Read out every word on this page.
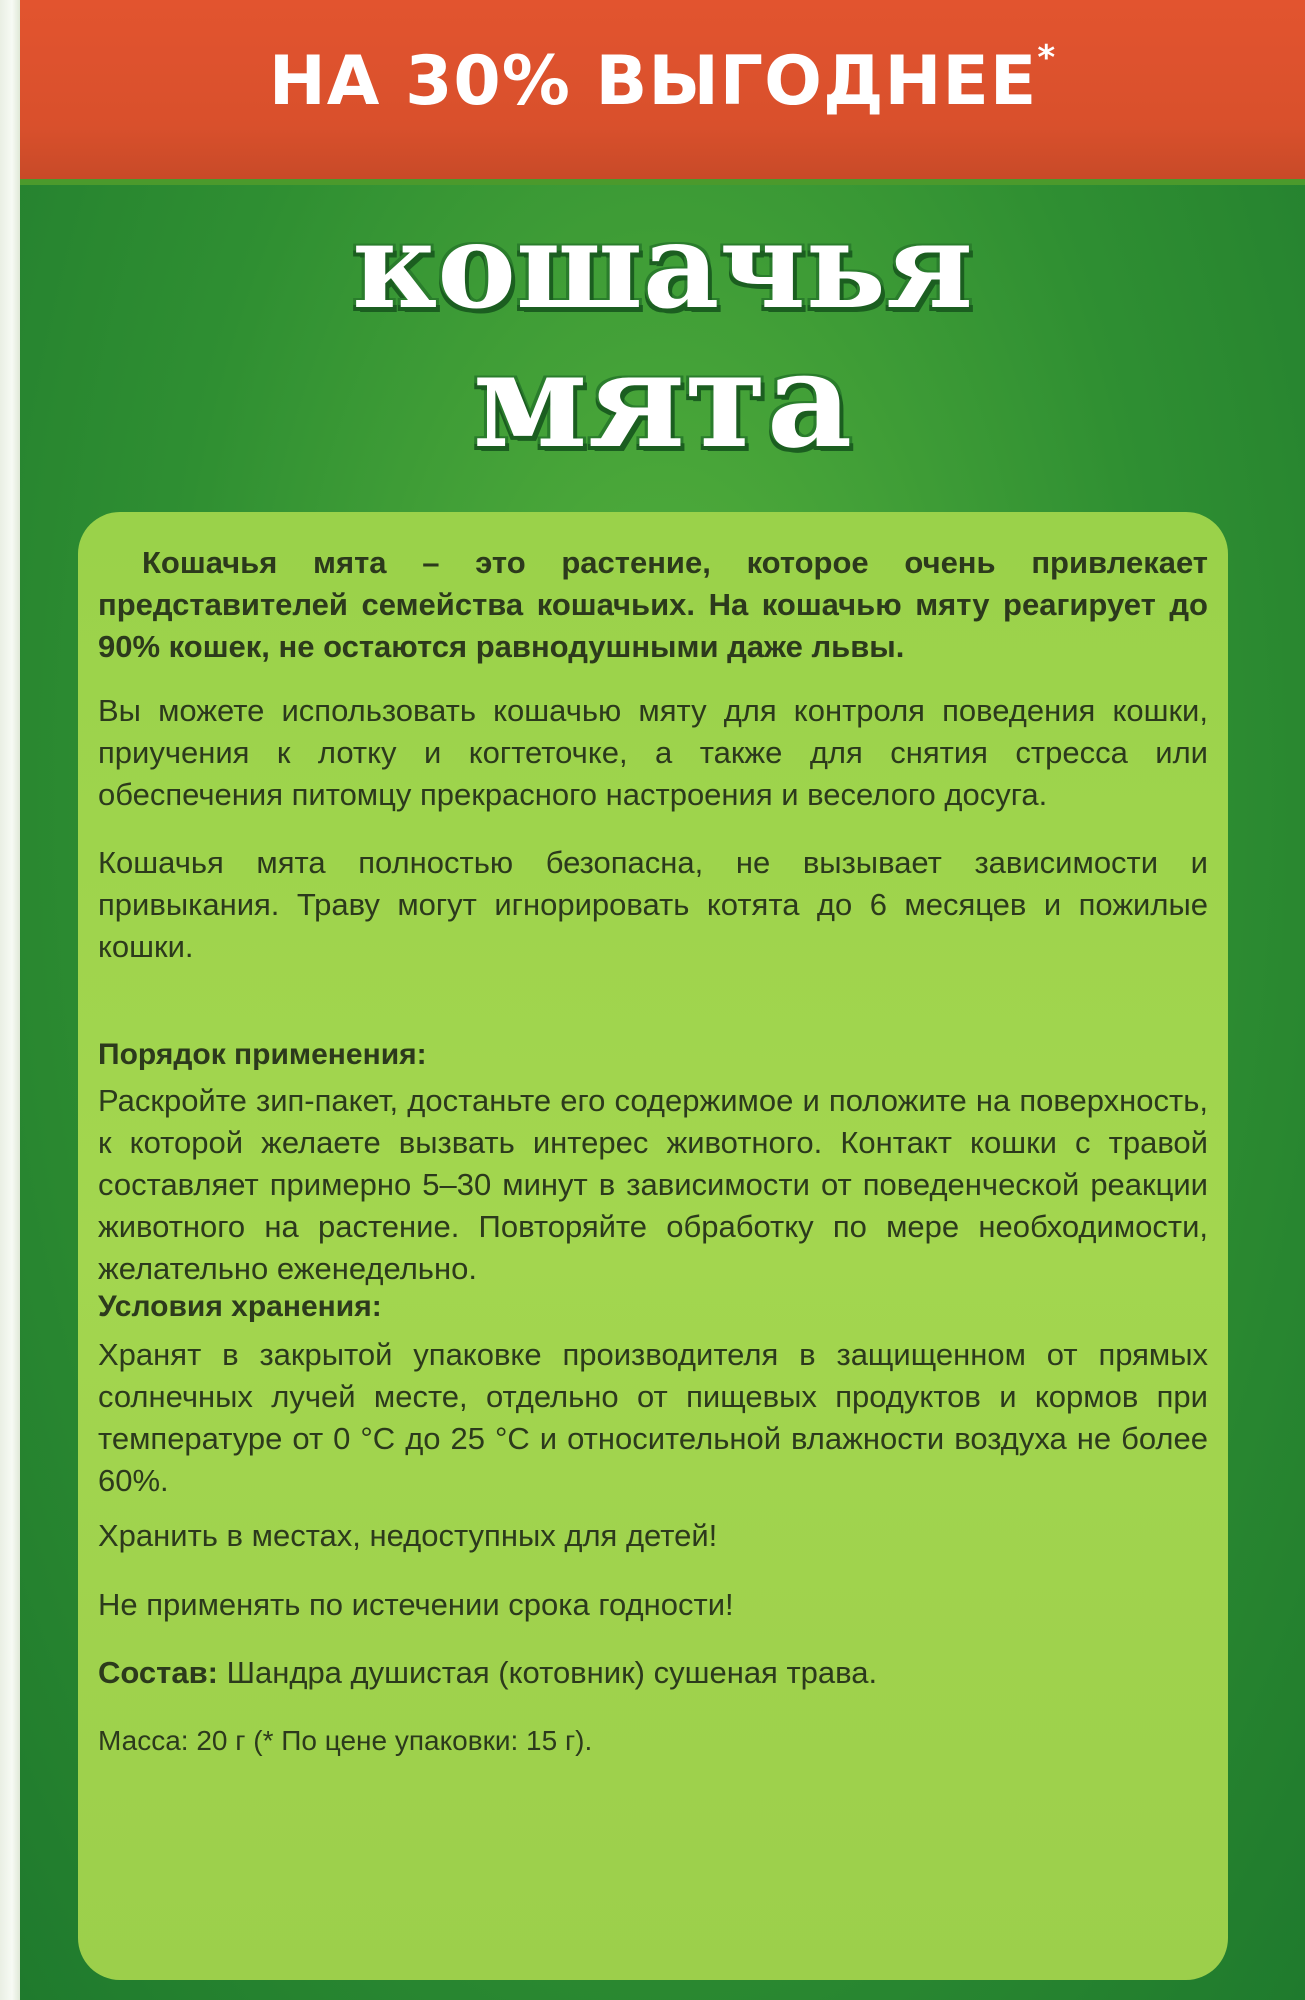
НА 30% ВЫГОДНЕЕ*
кошачья
мята

Кошачья мята – это растение, которое очень привлекает представителей семейства кошачьих. На кошачью мяту реагирует до 90% кошек, не остаются равнодушными даже львы.

Вы можете использовать кошачью мяту для контроля поведения кошки, приучения к лотку и когтеточке, а также для снятия стресса или обеспечения питомцу прекрасного настроения и веселого досуга.

Кошачья мята полностью безопасна, не вызывает зависимости и привыкания. Траву могут игнорировать котята до 6 месяцев и пожилые кошки.

Порядок применения:

Раскройте зип-пакет, достаньте его содержимое и положите на поверхность, к которой желаете вызвать интерес животного. Контакт кошки с травой составляет примерно 5–30 минут в зависимости от поведенческой реакции животного на растение. Повторяйте обработку по мере необходимости, желательно еженедельно.

Условия хранения:

Хранят в закрытой упаковке производителя в защищенном от прямых солнечных лучей месте, отдельно от пищевых продуктов и кормов при температуре от 0 °С до 25 °С и относительной влажности воздуха не более 60%.

Хранить в местах, недоступных для детей!

Не применять по истечении срока годности!

Состав: Шандра душистая (котовник) сушеная трава.

Масса: 20 г (* По цене упаковки: 15 г).
